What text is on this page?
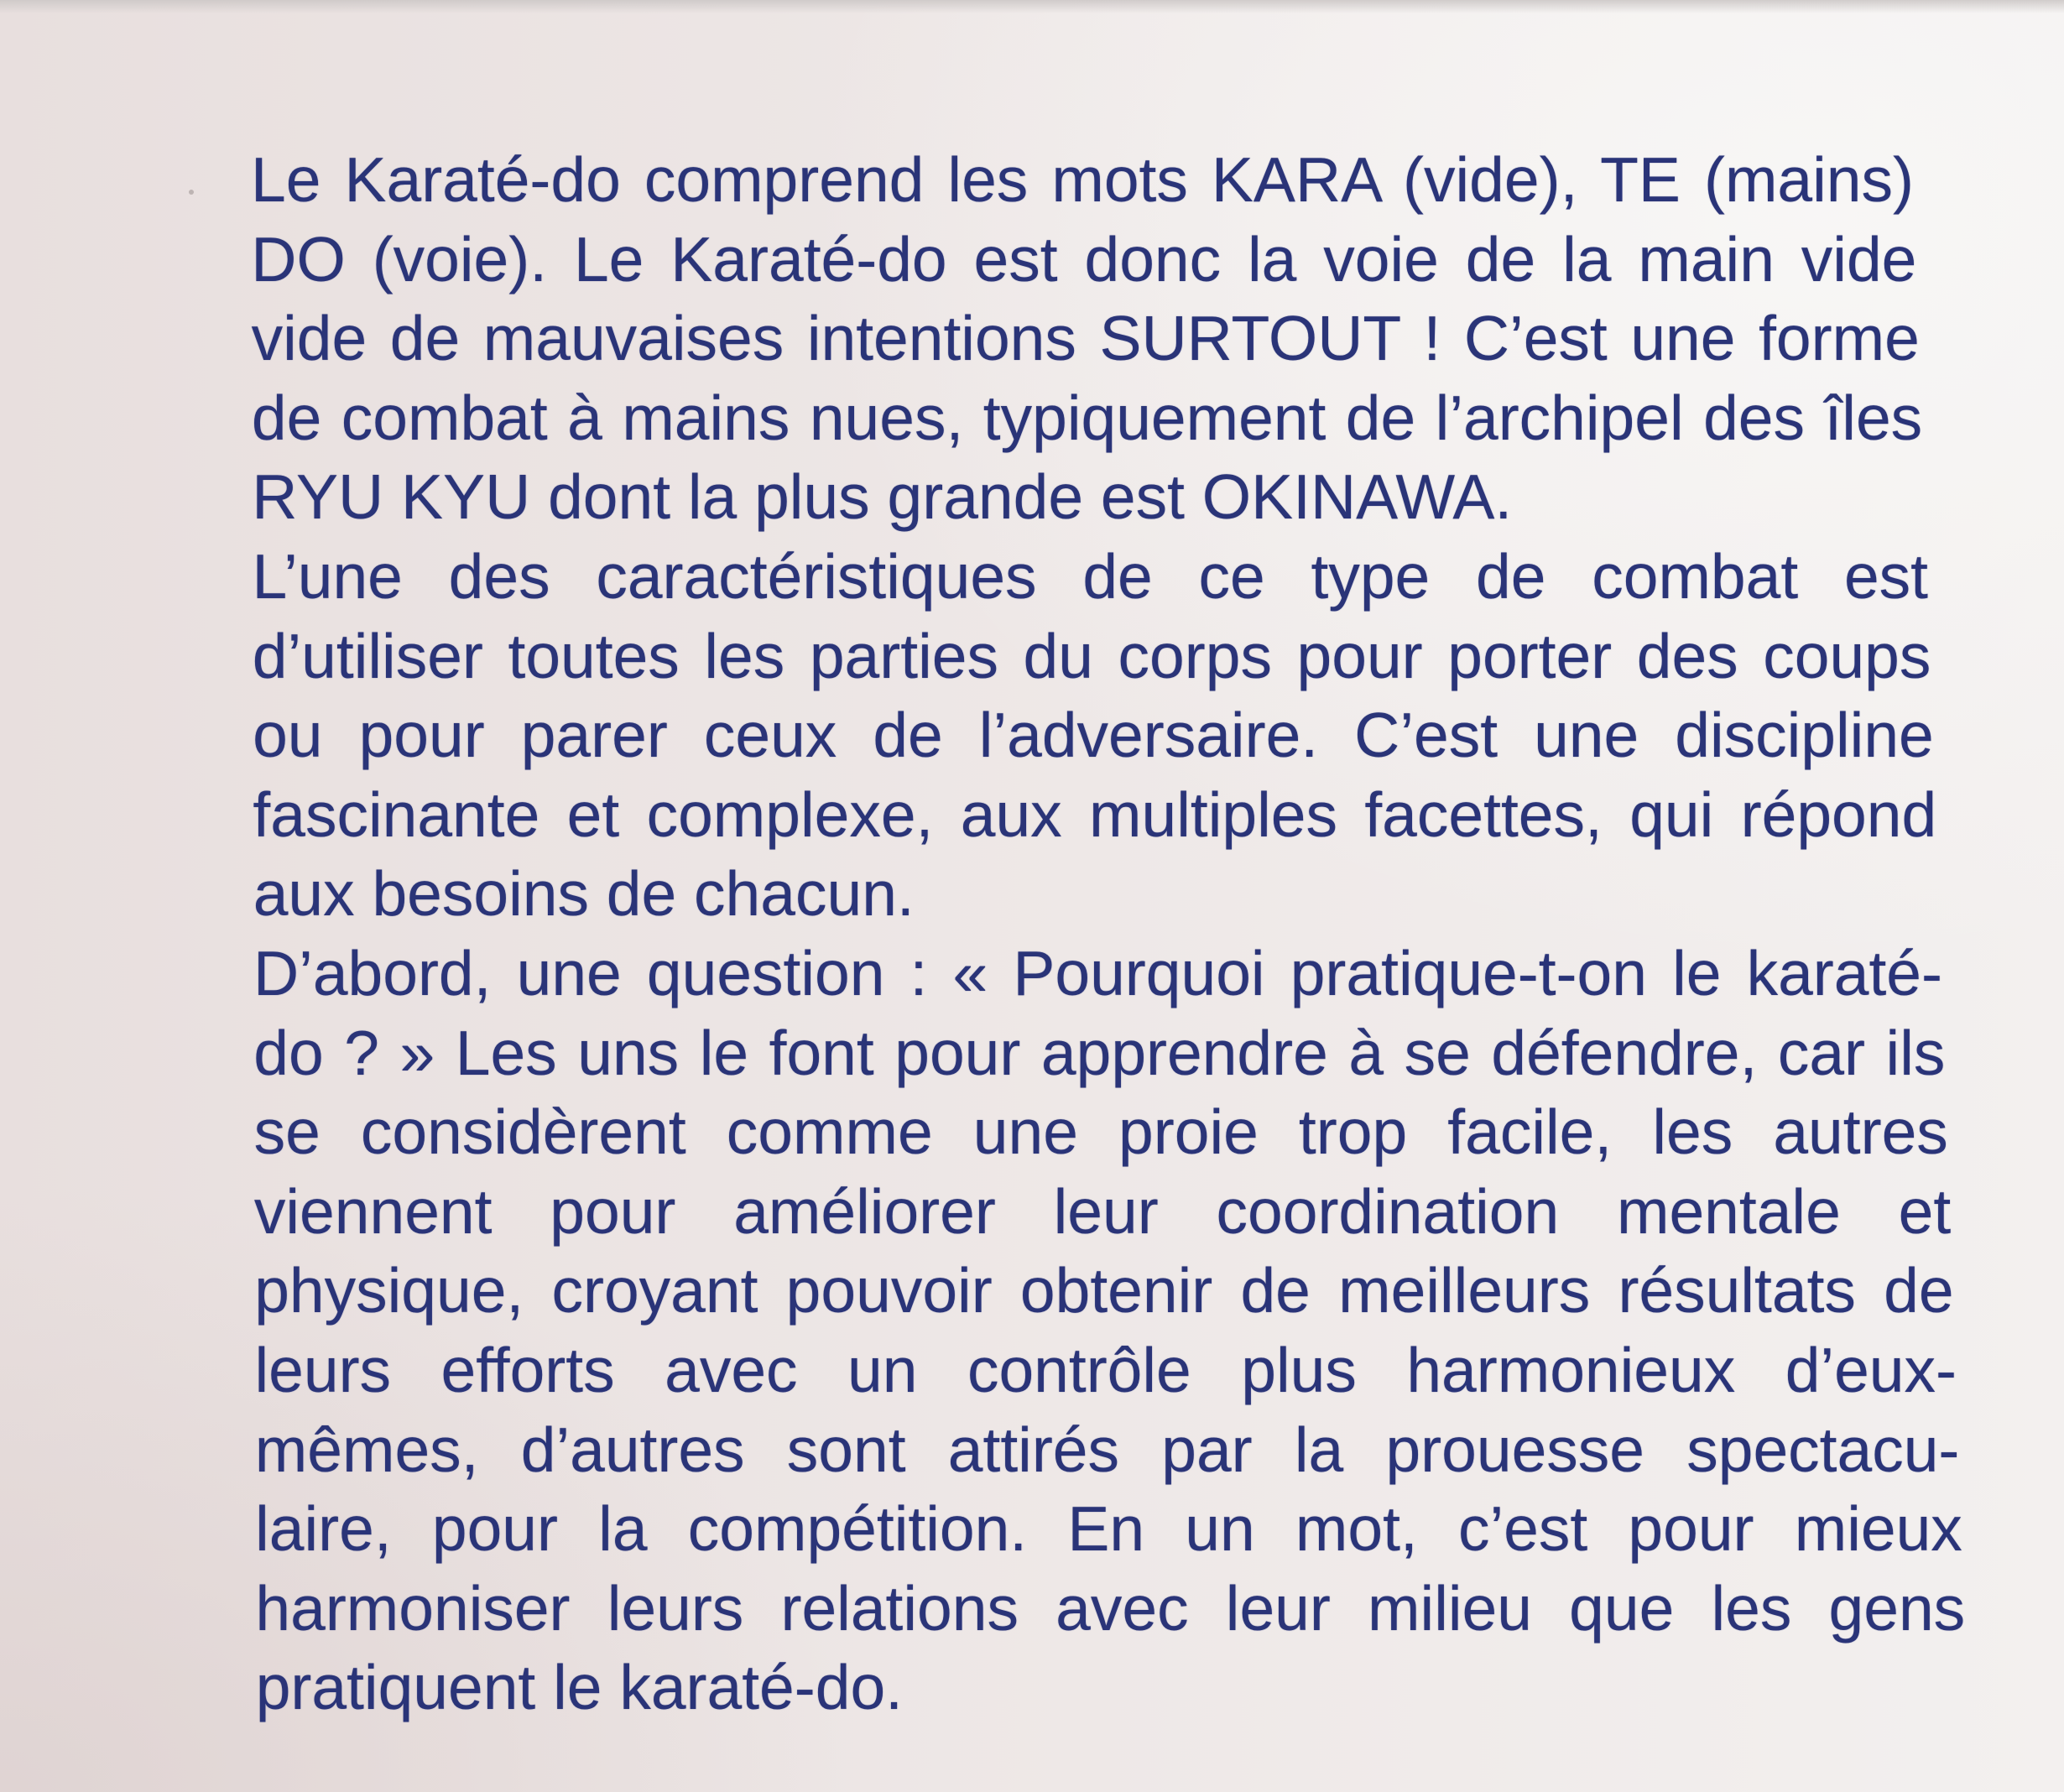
Le Karaté-do comprend les mots KARA (vide), TE (mains)
DO (voie). Le Karaté-do est donc la voie de la main vide
vide de mauvaises intentions SURTOUT ! C’est une forme
de combat à mains nues, typiquement de l’archipel des îles
RYU KYU dont la plus grande est OKINAWA.
L’une des caractéristiques de ce type de combat est
d’utiliser toutes les parties du corps pour porter des coups
ou pour parer ceux de l’adversaire. C’est une discipline
fascinante et complexe, aux multiples facettes, qui répond
aux besoins de chacun.
D’abord, une question : « Pourquoi pratique-t-on le karaté-
do ? » Les uns le font pour apprendre à se défendre, car ils
se considèrent comme une proie trop facile, les autres
viennent pour améliorer leur coordination mentale et
physique, croyant pouvoir obtenir de meilleurs résultats de
leurs efforts avec un contrôle plus harmonieux d’eux-
mêmes, d’autres sont attirés par la prouesse spectacu-
laire, pour la compétition. En un mot, c’est pour mieux
harmoniser leurs relations avec leur milieu que les gens
pratiquent le karaté-do.
